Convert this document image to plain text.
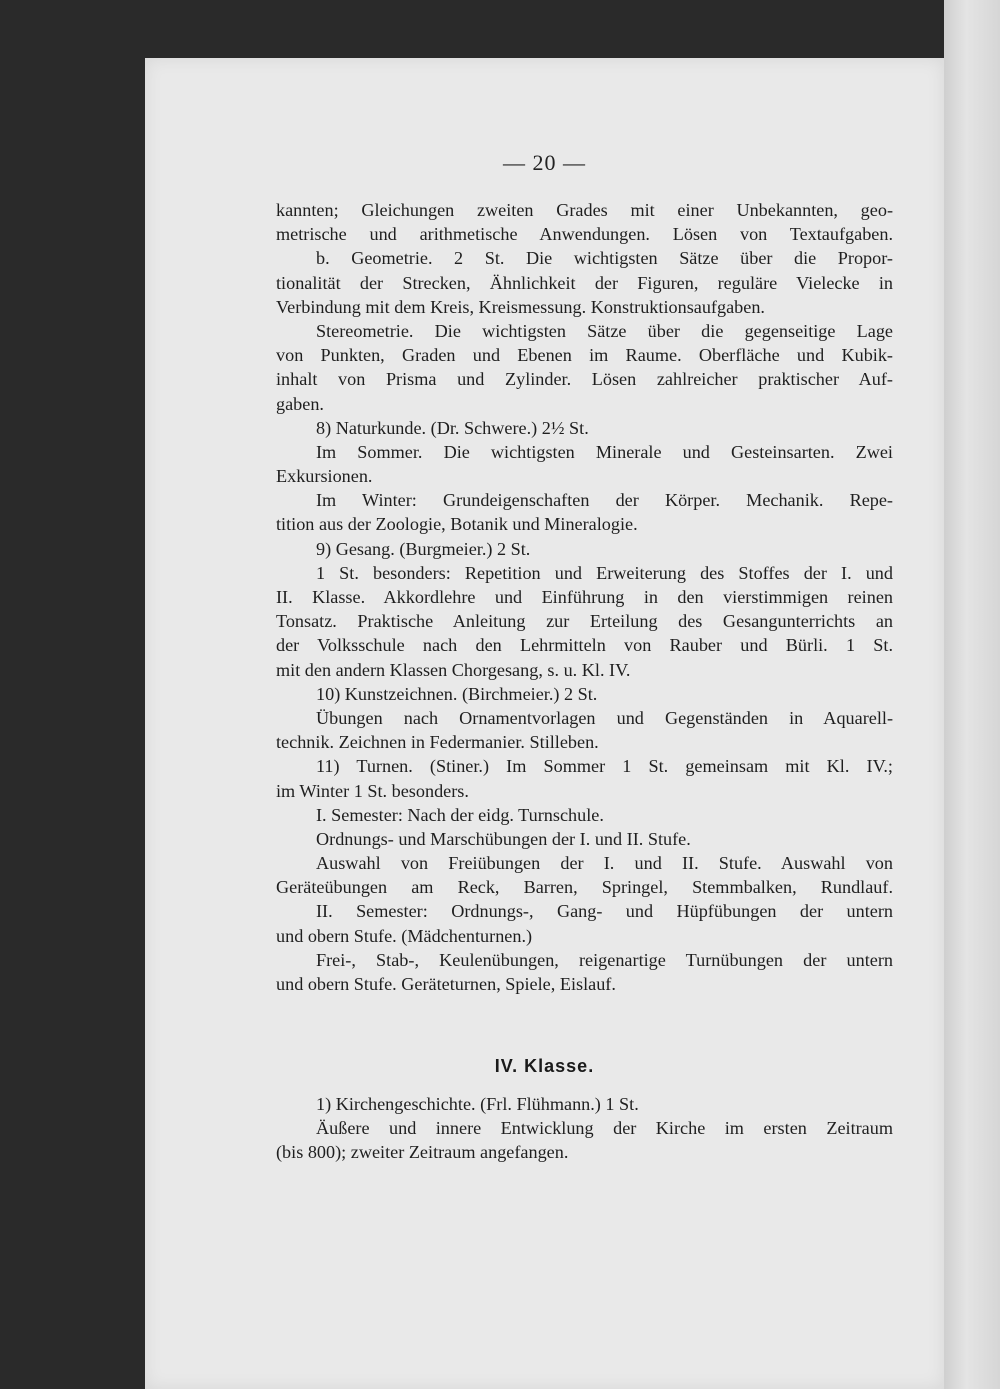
— 20 —
kannten; Gleichungen zweiten Grades mit einer Unbekannten, geo-
metrische und arithmetische Anwendungen. Lösen von Textaufgaben.
b. Geometrie. 2 St. Die wichtigsten Sätze über die Propor-
tionalität der Strecken, Ähnlichkeit der Figuren, reguläre Vielecke in
Verbindung mit dem Kreis, Kreismessung. Konstruktionsaufgaben.
Stereometrie. Die wichtigsten Sätze über die gegenseitige Lage
von Punkten, Graden und Ebenen im Raume. Oberfläche und Kubik-
inhalt von Prisma und Zylinder. Lösen zahlreicher praktischer Auf-
gaben.
8) Naturkunde. (Dr. Schwere.) 2½ St.
Im Sommer. Die wichtigsten Minerale und Gesteinsarten. Zwei
Exkursionen.
Im Winter: Grundeigenschaften der Körper. Mechanik. Repe-
tition aus der Zoologie, Botanik und Mineralogie.
9) Gesang. (Burgmeier.) 2 St.
1 St. besonders: Repetition und Erweiterung des Stoffes der I. und
II. Klasse. Akkordlehre und Einführung in den vierstimmigen reinen
Tonsatz. Praktische Anleitung zur Erteilung des Gesangunterrichts an
der Volksschule nach den Lehrmitteln von Rauber und Bürli. 1 St.
mit den andern Klassen Chorgesang, s. u. Kl. IV.
10) Kunstzeichnen. (Birchmeier.) 2 St.
Übungen nach Ornamentvorlagen und Gegenständen in Aquarell-
technik. Zeichnen in Federmanier. Stilleben.
11) Turnen. (Stiner.) Im Sommer 1 St. gemeinsam mit Kl. IV.;
im Winter 1 St. besonders.
I. Semester: Nach der eidg. Turnschule.
Ordnungs- und Marschübungen der I. und II. Stufe.
Auswahl von Freiübungen der I. und II. Stufe. Auswahl von
Geräteübungen am Reck, Barren, Springel, Stemmbalken, Rundlauf.
II. Semester: Ordnungs-, Gang- und Hüpfübungen der untern
und obern Stufe. (Mädchenturnen.)
Frei-, Stab-, Keulenübungen, reigenartige Turnübungen der untern
und obern Stufe. Geräteturnen, Spiele, Eislauf.
IV. Klasse.
1) Kirchengeschichte. (Frl. Flühmann.) 1 St.
Äußere und innere Entwicklung der Kirche im ersten Zeitraum
(bis 800); zweiter Zeitraum angefangen.
